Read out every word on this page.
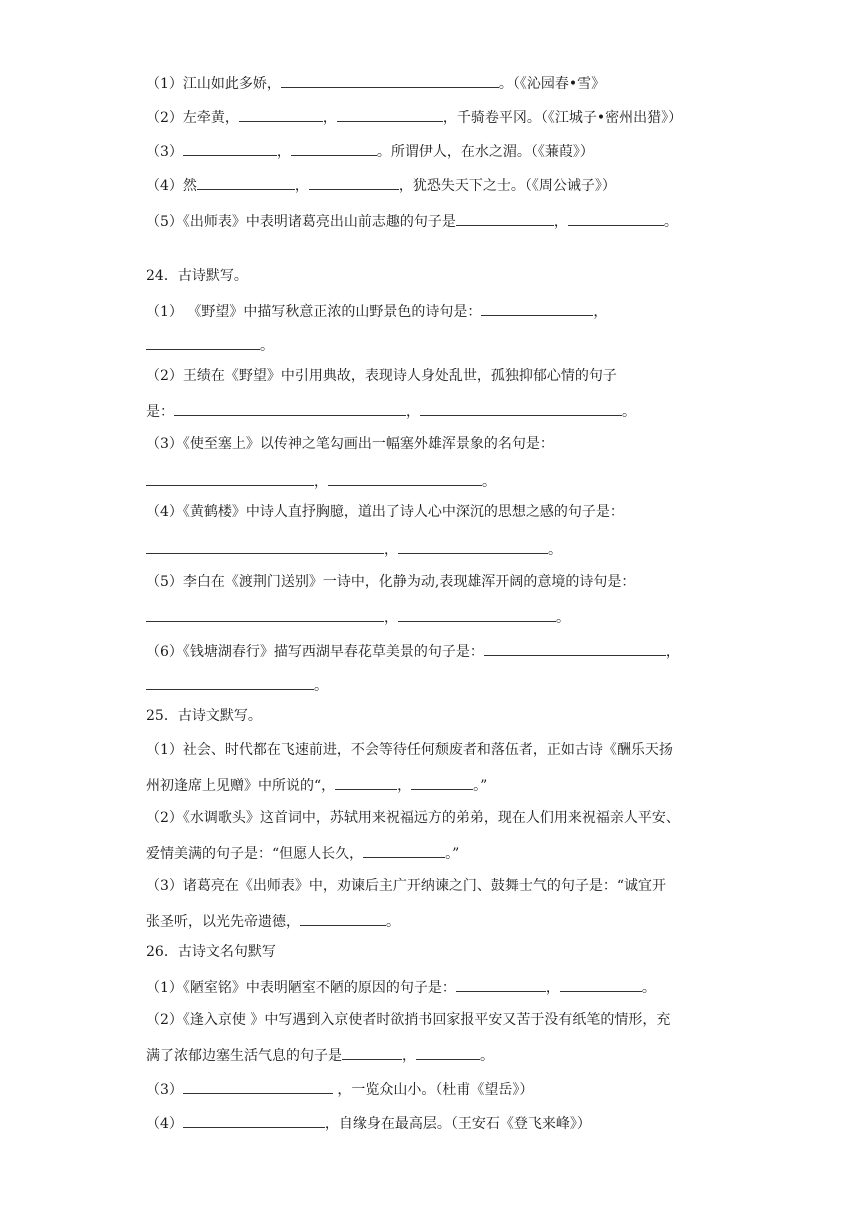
（1）江山如此多娇，	。（《沁园春•雪》
（2）左牵黄，	，	，千骑卷平冈。（《江城子•密州出猎》）
（3）	，	。所谓伊人，在水之湄。（《蒹葭》）
（4）然	，	，犹恐失天下之士。（《周公诫子》）
（5）《出师表》中表明诸葛亮出山前志趣的句子是	，	。
24．古诗默写。
（1） 《野望》中描写秋意正浓的山野景色的诗句是：	，
。
（2）王绩在《野望》中引用典故，表现诗人身处乱世，孤独抑郁心情的句子
是：	，	。
（3）《使至塞上》以传神之笔勾画出一幅塞外雄浑景象的名句是：
，	。
（4）《黄鹤楼》中诗人直抒胸臆，道出了诗人心中深沉的思想之感的句子是：
，	。
（5）李白在《渡荆门送别》一诗中，化静为动,表现雄浑开阔的意境的诗句是：
，	。
（6）《钱塘湖春行》描写西湖早春花草美景的句子是：	，
。
25．古诗文默写。
（1）社会、时代都在飞速前进，不会等待任何颓废者和落伍者，正如古诗《酬乐天扬
州初逢席上见赠》中所说的“，	，	。”
（2）《水调歌头》这首词中，苏轼用来祝福远方的弟弟，现在人们用来祝福亲人平安、
爱情美满的句子是：“但愿人长久，	。”
（3）诸葛亮在《出师表》中，劝谏后主广开纳谏之门、鼓舞士气的句子是：“诚宜开
张圣听，以光先帝遗德，	。
26．古诗文名句默写
（1）《陋室铭》中表明陋室不陋的原因的句子是：	，	。
（2）《逢入京使 》中写遇到入京使者时欲捎书回家报平安又苦于没有纸笔的情形，充
满了浓郁边塞生活气息的句子是	，	。
（3）	，一览众山小。（杜甫《望岳》）
（4）	，自缘身在最高层。（王安石《登飞来峰》）
